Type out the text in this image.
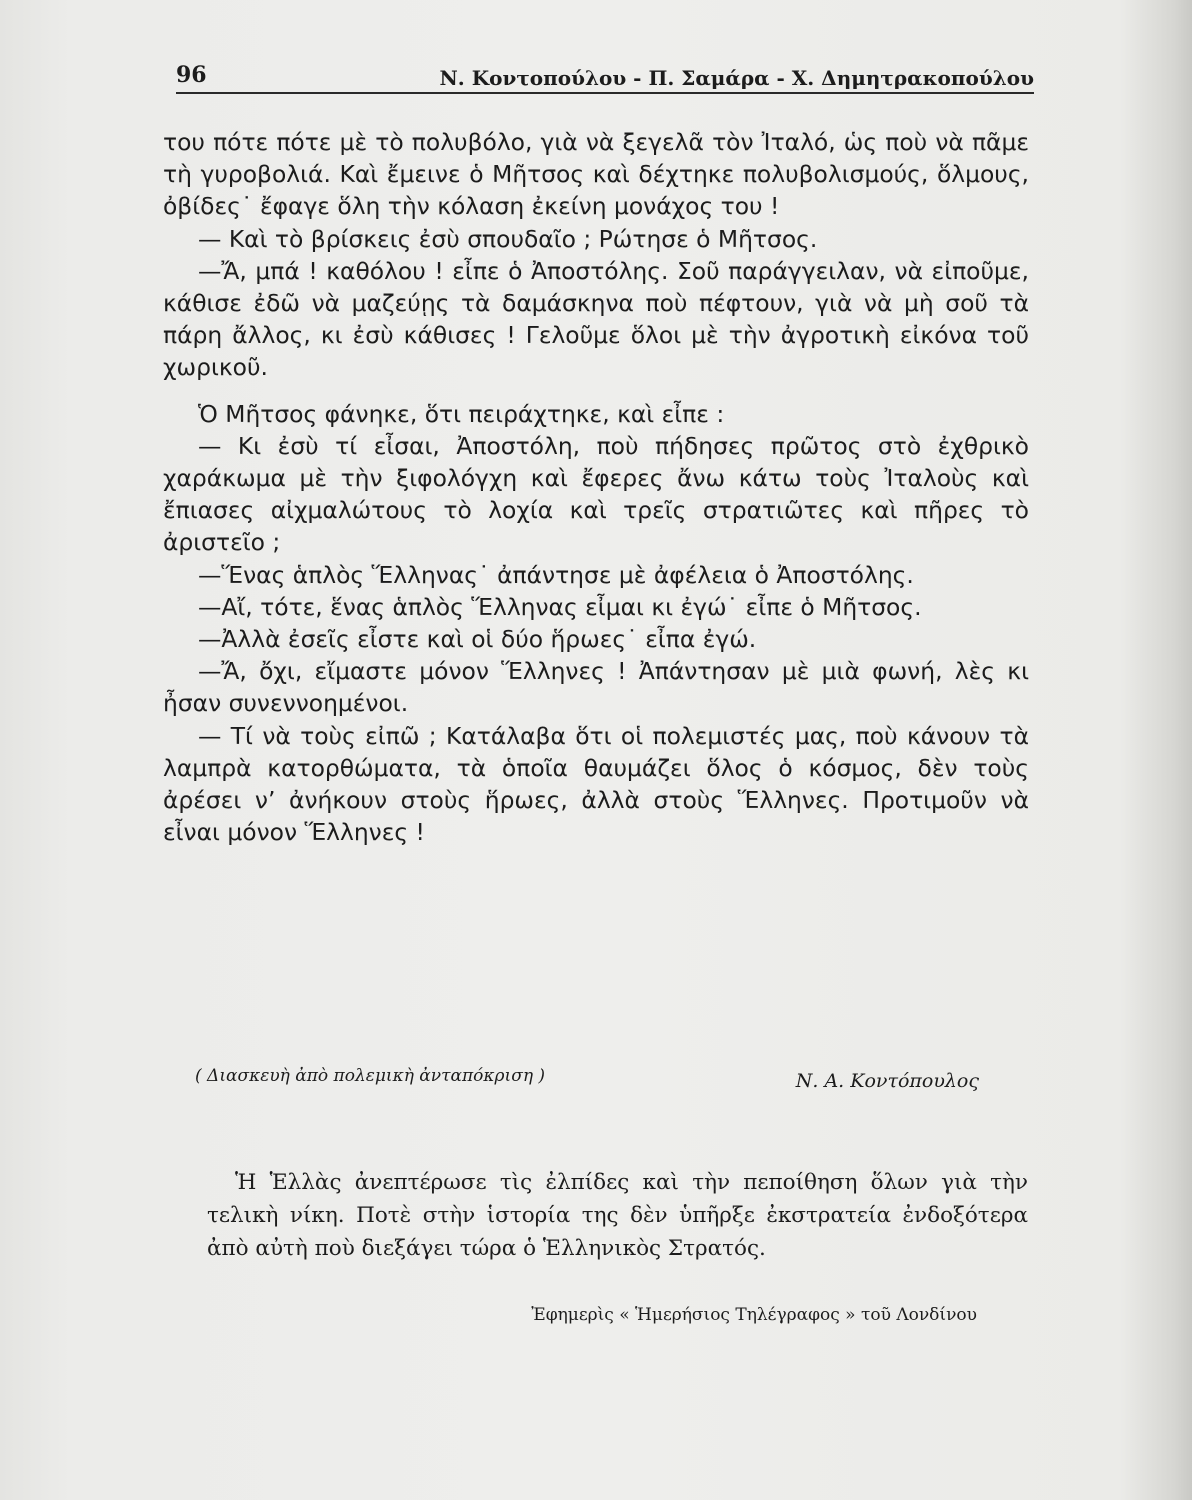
96	Ν. Κοντοπούλου - Π. Σαμάρα - Χ. Δημητρακοπούλου

του πότε πότε μὲ τὸ πολυβόλο, γιὰ νὰ ξεγελᾶ τὸν Ἰταλό, ὡς ποὺ νὰ πᾶμε τὴ γυροβολιά. Καὶ ἔμεινε ὁ Μῆτσος καὶ δέχτηκε πολυβολισμούς, ὅλμους, ὀβίδες˙ ἔφαγε ὅλη τὴν κόλαση ἐκείνη μονάχος του !

— Καὶ τὸ βρίσκεις ἐσὺ σπουδαῖο ; Ρώτησε ὁ Μῆτσος.

—Ἄ, μπά ! καθόλου ! εἶπε ὁ Ἀποστόλης. Σοῦ παράγγειλαν, νὰ εἰποῦμε, κάθισε ἐδῶ νὰ μαζεύῃς τὰ δαμάσκηνα ποὺ πέφτουν, γιὰ νὰ μὴ σοῦ τὰ πάρη ἄλλος, κι ἐσὺ κάθισες ! Γελοῦμε ὅλοι μὲ τὴν ἀγροτικὴ εἰκόνα τοῦ χωρικοῦ.

Ὁ Μῆτσος φάνηκε, ὅτι πειράχτηκε, καὶ εἶπε :

— Κι ἐσὺ τί εἶσαι, Ἀποστόλη, ποὺ πήδησες πρῶτος στὸ ἐχθρικὸ χαράκωμα μὲ τὴν ξιφολόγχη καὶ ἔφερες ἄνω κάτω τοὺς Ἰταλοὺς καὶ ἔπιασες αἰχμαλώτους τὸ λοχία καὶ τρεῖς στρατιῶτες καὶ πῆρες τὸ ἀριστεῖο ;

—Ἕνας ἁπλὸς Ἕλληνας˙ ἀπάντησε μὲ ἀφέλεια ὁ Ἀποστόλης.

—Αἴ, τότε, ἕνας ἁπλὸς Ἕλληνας εἶμαι κι ἐγώ˙ εἶπε ὁ Μῆτσος.

—Ἀλλὰ ἐσεῖς εἶστε καὶ οἱ δύο ἥρωες˙ εἶπα ἐγώ.

—Ἄ, ὄχι, εἴμαστε μόνον Ἕλληνες ! Ἀπάντησαν μὲ μιὰ φωνή, λὲς κι ἦσαν συνεννοημένοι.

— Τί νὰ τοὺς εἰπῶ ; Κατάλαβα ὅτι οἱ πολεμιστές μας, ποὺ κάνουν τὰ λαμπρὰ κατορθώματα, τὰ ὁποῖα θαυμάζει ὅλος ὁ κόσμος, δὲν τοὺς ἀρέσει ν’ ἀνήκουν στοὺς ἥρωες, ἀλλὰ στοὺς Ἕλληνες. Προτιμοῦν νὰ εἶναι μόνον Ἕλληνες !

( Διασκευὴ ἀπὸ πολεμικὴ ἀνταπόκριση )	Ν. Α. Κοντόπουλος

Ἡ Ἑλλὰς ἀνεπτέρωσε τὶς ἐλπίδες καὶ τὴν πεποίθηση ὅλων γιὰ τὴν τελικὴ νίκη. Ποτὲ στὴν ἱστορία της δὲν ὑπῆρξε ἐκστρατεία ἐνδοξότερα ἀπὸ αὐτὴ ποὺ διεξάγει τώρα ὁ Ἑλληνικὸς Στρατός.

Ἐφημερὶς « Ἡμερήσιος Τηλέγραφος » τοῦ Λονδίνου
